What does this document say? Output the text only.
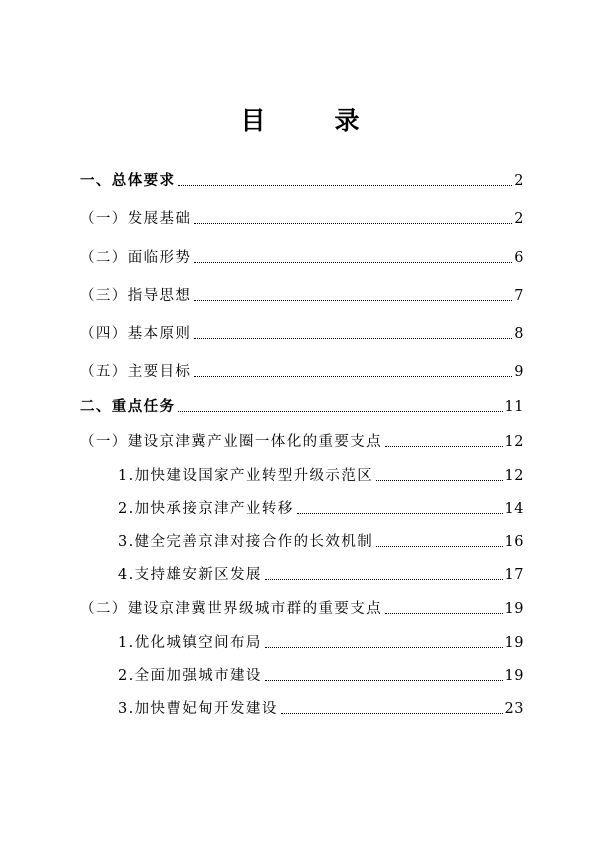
目　录
一、总体要求	2
（一）发展基础	2
（二）面临形势	6
（三）指导思想	7
（四）基本原则	8
（五）主要目标	9
二、重点任务	11
（一）建设京津冀产业圈一体化的重要支点	12
1.加快建设国家产业转型升级示范区	12
2.加快承接京津产业转移	14
3.健全完善京津对接合作的长效机制	16
4.支持雄安新区发展	17
（二）建设京津冀世界级城市群的重要支点	19
1.优化城镇空间布局	19
2.全面加强城市建设	19
3.加快曹妃甸开发建设	23
